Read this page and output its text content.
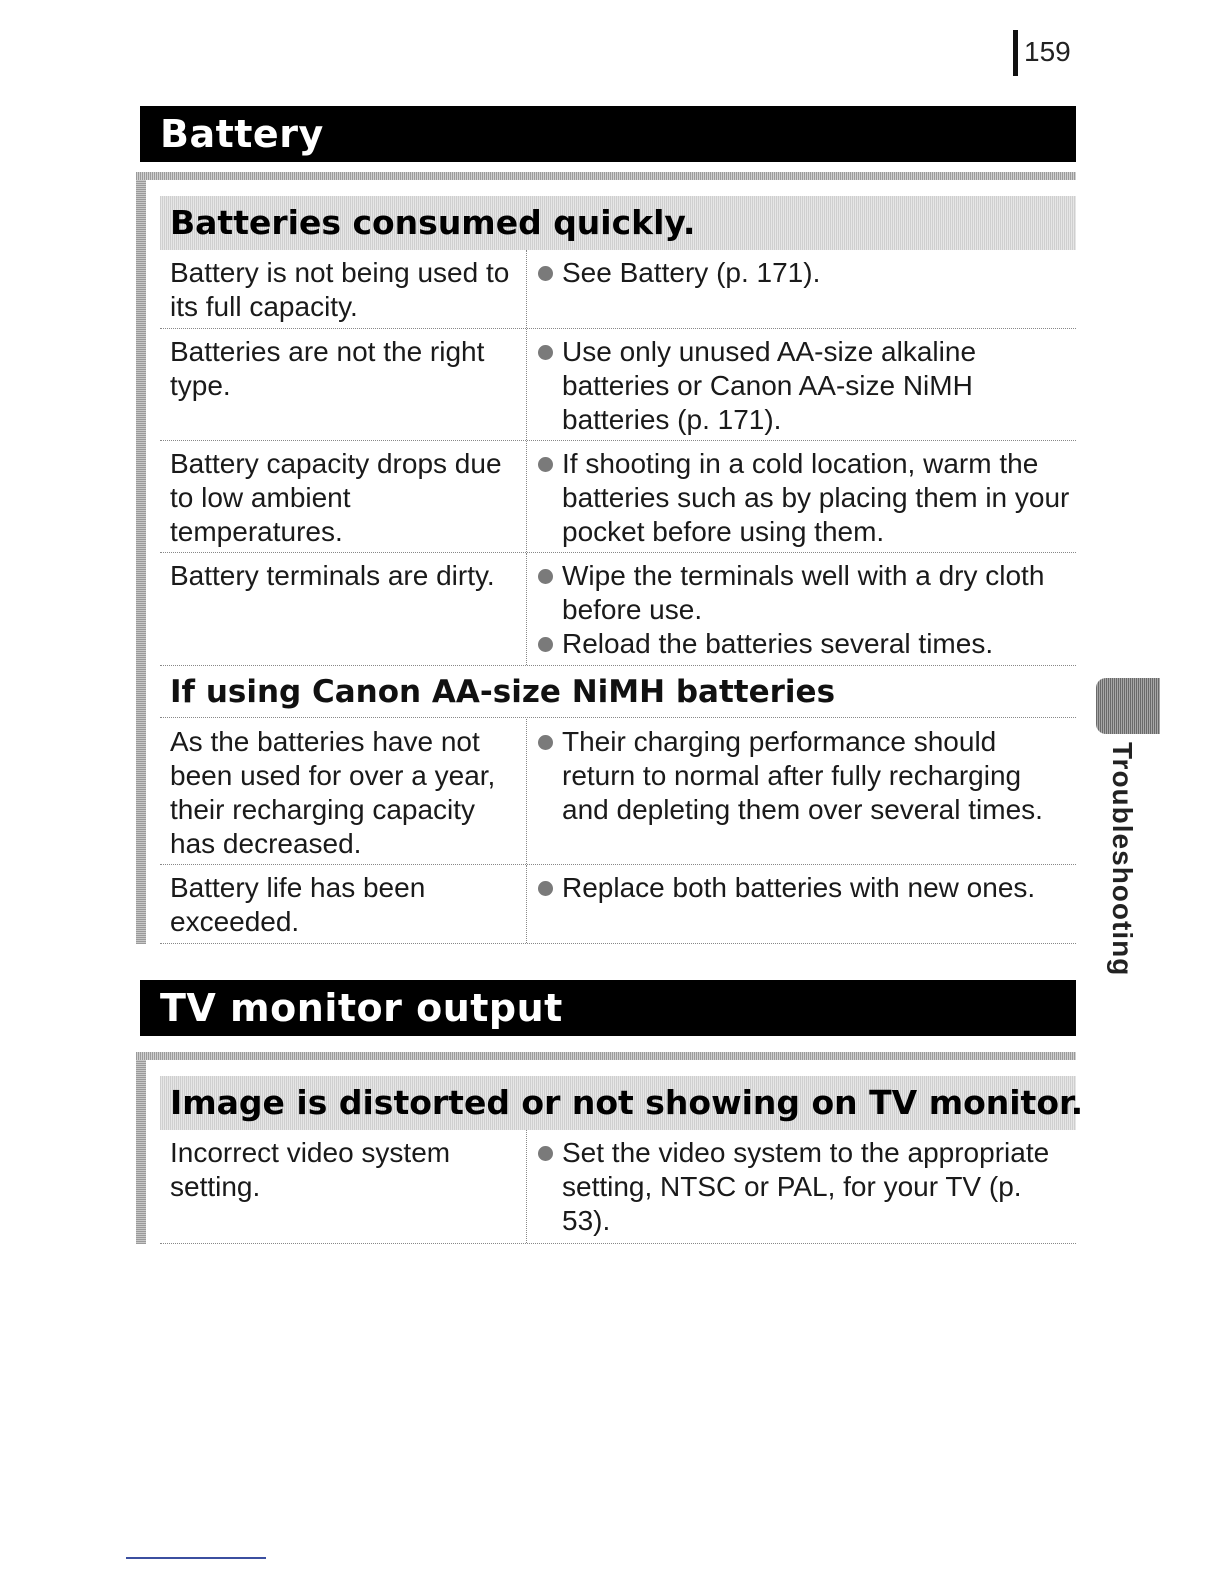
159
Battery
Batteries consumed quickly.
Battery is not being used to its full capacity.
See Battery (p. 171).
Batteries are not the right type.
Use only unused AA-size alkaline batteries or Canon AA-size NiMH batteries (p. 171).
Battery capacity drops due to low ambient temperatures.
If shooting in a cold location, warm the batteries such as by placing them in your pocket before using them.
Battery terminals are dirty.	Wipe the terminals well with a dry cloth before use.
Reload the batteries several times.
If using Canon AA-size NiMH batteries
As the batteries have not been used for over a year, their recharging capacity has decreased.
Their charging performance should return to normal after fully recharging and depleting them over several times.
Battery life has been exceeded.
Replace both batteries with new ones.
TV monitor output
Image is distorted or not showing on TV monitor.
Incorrect video system setting.
Set the video system to the appropriate setting, NTSC or PAL, for your TV (p. 53).
Troubleshooting
